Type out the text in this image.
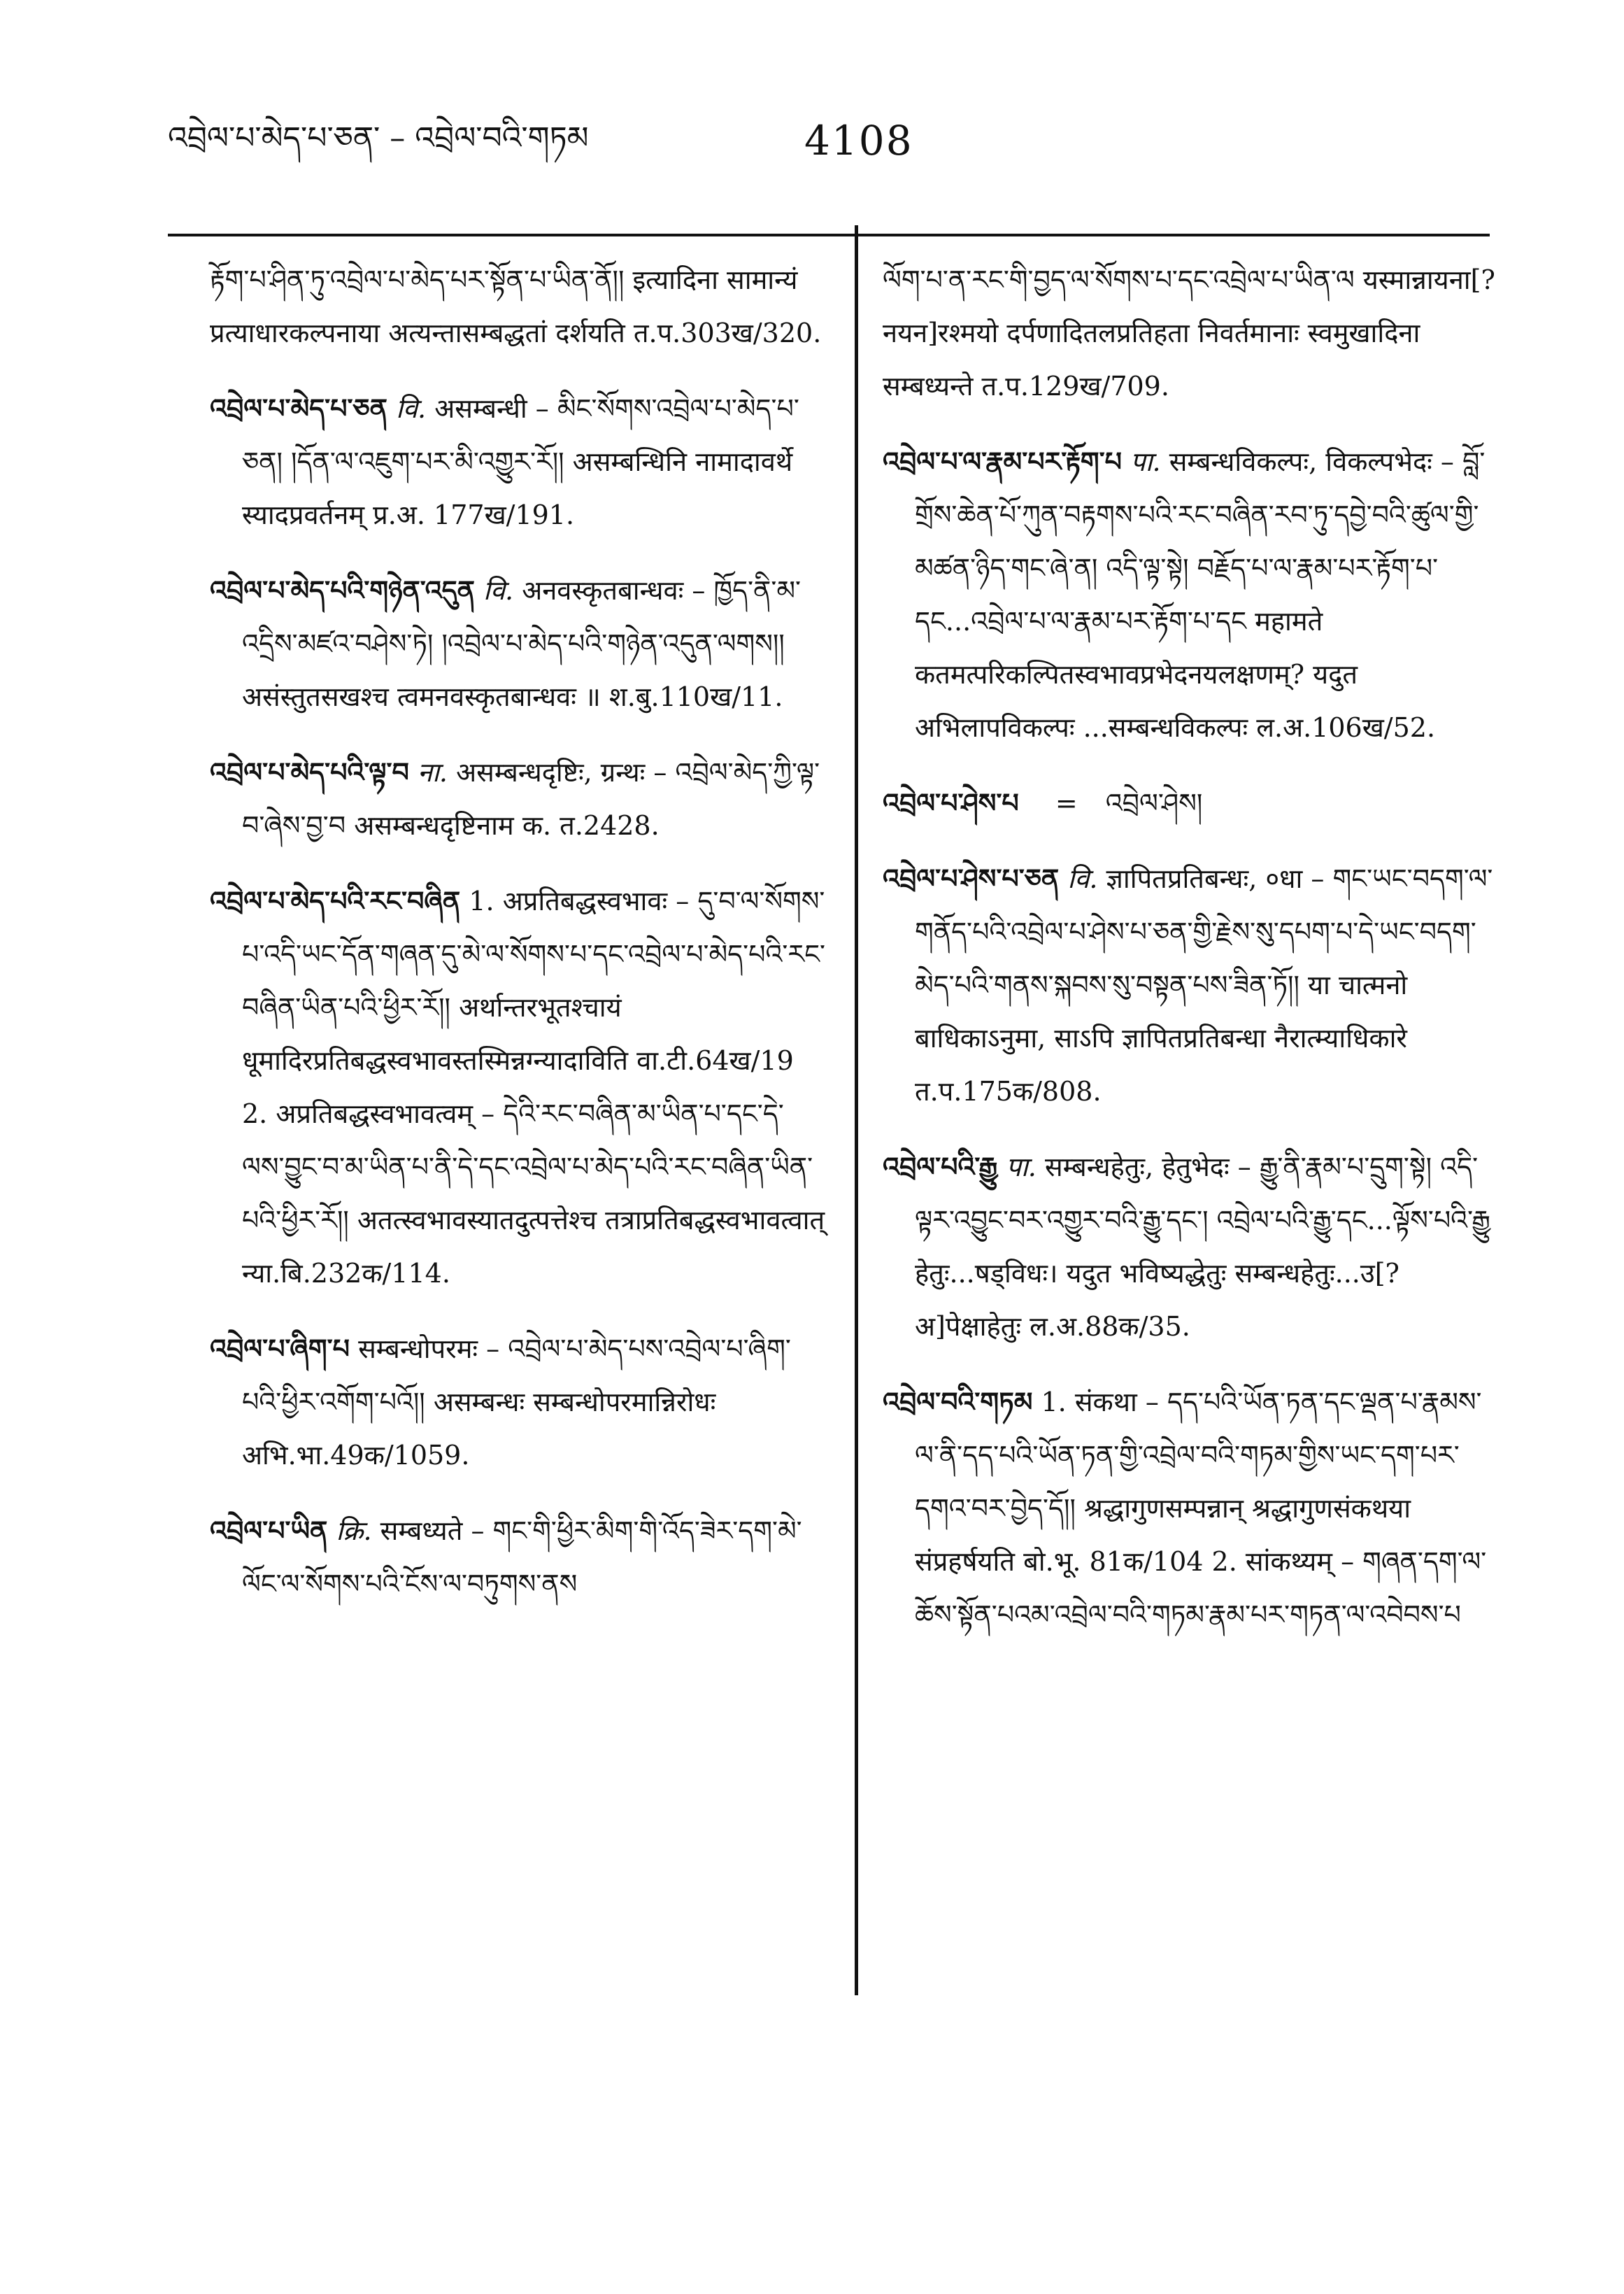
འབྲེལ་པ་མེད་པ་ཅན་ – འབྲེལ་བའི་གཏམ	4108

རྟོག་པ་ཤིན་ཏུ་འབྲེལ་པ་མེད་པར་སྟོན་པ་ཡིན་ནོ།། इत्यादिना सामान्यं प्रत्याधारकल्पनाया अत्यन्तासम्बद्धतां दर्शयति त.प.303ख/320.

འབྲེལ་པ་མེད་པ་ཅན वि. असम्बन्धी – མིང་སོགས་འབྲེལ་པ་མེད་པ་ཅན། །དོན་ལ་འཇུག་པར་མི་འགྱུར་རོ།། असम्बन्धिनि नामादावर्थे स्यादप्रवर्तनम् प्र.अ. 177ख/191.

འབྲེལ་པ་མེད་པའི་གཉེན་འདུན वि. अनवस्कृतबान्धवः – ཁྱོད་ནི་མ་འདྲིས་མཛའ་བཤེས་ཏེ། །འབྲེལ་པ་མེད་པའི་གཉེན་འདུན་ལགས།། असंस्तुतसखश्च त्वमनवस्कृतबान्धवः ॥ श.बु.110ख/11.

འབྲེལ་པ་མེད་པའི་ལྟ་བ ना. असम्बन्धदृष्टिः, ग्रन्थः – འབྲེལ་མེད་ཀྱི་ལྟ་བ་ཞེས་བྱ་བ असम्बन्धदृष्टिनाम क. त.2428.

འབྲེལ་པ་མེད་པའི་རང་བཞིན 1. अप्रतिबद्धस्वभावः – དུ་བ་ལ་སོགས་པ་འདི་ཡང་དོན་གཞན་དུ་མེ་ལ་སོགས་པ་དང་འབྲེལ་པ་མེད་པའི་རང་བཞིན་ཡིན་པའི་ཕྱིར་རོ།། अर्थान्तरभूतश्चायं धूमादिरप्रतिबद्धस्वभावस्तस्मिन्नग्न्यादाविति वा.टी.64ख/19 2. अप्रतिबद्धस्वभावत्वम् – དེའི་རང་བཞིན་མ་ཡིན་པ་དང་དེ་ལས་བྱུང་བ་མ་ཡིན་པ་ནི་དེ་དང་འབྲེལ་པ་མེད་པའི་རང་བཞིན་ཡིན་པའི་ཕྱིར་རོ།། अतत्स्वभावस्यातदुत्पत्तेश्च तत्राप्रतिबद्धस्वभावत्वात् न्या.बि.232क/114.

འབྲེལ་པ་ཞིག་པ सम्बन्धोपरमः – འབྲེལ་པ་མེད་པས་འབྲེལ་པ་ཞིག་པའི་ཕྱིར་འགོག་པའོ།། असम्बन्धः सम्बन्धोपरमान्निरोधः अभि.भा.49क/1059.

འབྲེལ་པ་ཡིན क्रि. सम्बध्यते – གང་གི་ཕྱིར་མིག་གི་འོད་ཟེར་དག་མེ་ལོང་ལ་སོགས་པའི་ངོས་ལ་བཏུགས་ནས

ལོག་པ་ན་རང་གི་བྱད་ལ་སོགས་པ་དང་འབྲེལ་པ་ཡིན་ལ यस्मान्नायना[?नयन]रश्मयो दर्पणादितलप्रतिहता निवर्तमानाः स्वमुखादिना सम्बध्यन्ते त.प.129ख/709.

འབྲེལ་པ་ལ་རྣམ་པར་རྟོག་པ पा. सम्बन्धविकल्पः, विकल्पभेदः – བློ་གྲོས་ཆེན་པོ་ཀུན་བརྟགས་པའི་རང་བཞིན་རབ་ཏུ་དབྱེ་བའི་ཚུལ་གྱི་མཚན་ཉིད་གང་ཞེ་ན། འདི་ལྟ་སྟེ། བརྗོད་པ་ལ་རྣམ་པར་རྟོག་པ་དང...འབྲེལ་པ་ལ་རྣམ་པར་རྟོག་པ་དང महामते कतमत्परिकल्पितस्वभावप्रभेदनयलक्षणम्? यदुत अभिलापविकल्पः ...सम्बन्धविकल्पः ल.अ.106ख/52.

འབྲེལ་པ་ཤེས་པ = འབྲེལ་ཤེས།

འབྲེལ་པ་ཤེས་པ་ཅན वि. ज्ञापितप्रतिबन्धः, ०धा – གང་ཡང་བདག་ལ་གནོད་པའི་འབྲེལ་པ་ཤེས་པ་ཅན་གྱི་རྗེས་སུ་དཔག་པ་དེ་ཡང་བདག་མེད་པའི་གནས་སྐབས་སུ་བསྟན་པས་ཟིན་ཏོ།། या चात्मनो बाधिकाऽनुमा, साऽपि ज्ञापितप्रतिबन्धा नैरात्म्याधिकारे त.प.175क/808.

འབྲེལ་པའི་རྒྱུ पा. सम्बन्धहेतुः, हेतुभेदः – རྒྱུ་ནི་རྣམ་པ་དྲུག་སྟེ། འདི་ལྟར་འབྱུང་བར་འགྱུར་བའི་རྒྱུ་དང་། འབྲེལ་པའི་རྒྱུ་དང...ལྟོས་པའི་རྒྱུ हेतुः...षड्विधः। यदुत भविष्यद्धेतुः सम्बन्धहेतुः...उ[?अ]पेक्षाहेतुः ल.अ.88क/35.

འབྲེལ་བའི་གཏམ 1. संकथा – དད་པའི་ཡོན་ཏན་དང་ལྡན་པ་རྣམས་ལ་ནི་དད་པའི་ཡོན་ཏན་གྱི་འབྲེལ་བའི་གཏམ་གྱིས་ཡང་དག་པར་དགའ་བར་བྱེད་དོ།། श्रद्धागुणसम्पन्नान् श्रद्धागुणसंकथया संप्रहर्षयति बो.भू. 81क/104 2. सांकथ्यम् – གཞན་དག་ལ་ཆོས་སྟོན་པའམ་འབྲེལ་བའི་གཏམ་རྣམ་པར་གཏན་ལ་འབེབས་པ
